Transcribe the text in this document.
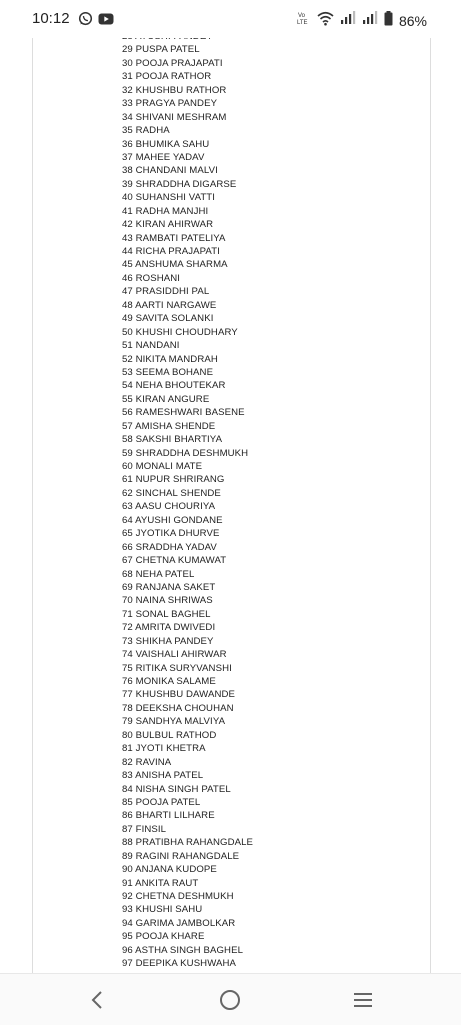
10:12	Vo
LTE	86%
29 PUSPA PATEL
30 POOJA PRAJAPATI
31 POOJA RATHOR
32 KHUSHBU RATHOR
33 PRAGYA PANDEY
34 SHIVANI MESHRAM
35 RADHA
36 BHUMIKA SAHU
37 MAHEE YADAV
38 CHANDANI MALVI
39 SHRADDHA DIGARSE
40 SUHANSHI VATTI
41 RADHA MANJHI
42 KIRAN AHIRWAR
43 RAMBATI PATELIYA
44 RICHA PRAJAPATI
45 ANSHUMA SHARMA
46 ROSHANI
47 PRASIDDHI PAL
48 AARTI NARGAWE
49 SAVITA SOLANKI
50 KHUSHI CHOUDHARY
51 NANDANI
52 NIKITA MANDRAH
53 SEEMA BOHANE
54 NEHA BHOUTEKAR
55 KIRAN ANGURE
56 RAMESHWARI BASENE
57 AMISHA SHENDE
58 SAKSHI BHARTIYA
59 SHRADDHA DESHMUKH
60 MONALI MATE
61 NUPUR SHRIRANG
62 SINCHAL SHENDE
63 AASU CHOURIYA
64 AYUSHI GONDANE
65 JYOTIKA DHURVE
66 SRADDHA YADAV
67 CHETNA KUMAWAT
68 NEHA PATEL
69 RANJANA SAKET
70 NAINA SHRIWAS
71 SONAL BAGHEL
72 AMRITA DWIVEDI
73 SHIKHA PANDEY
74 VAISHALI AHIRWAR
75 RITIKA SURYVANSHI
76 MONIKA SALAME
77 KHUSHBU DAWANDE
78 DEEKSHA CHOUHAN
79 SANDHYA MALVIYA
80 BULBUL RATHOD
81 JYOTI KHETRA
82 RAVINA
83 ANISHA PATEL
84 NISHA SINGH PATEL
85 POOJA PATEL
86 BHARTI LILHARE
87 FINSIL
88 PRATIBHA RAHANGDALE
89 RAGINI RAHANGDALE
90 ANJANA KUDOPE
91 ANKITA RAUT
92 CHETNA DESHMUKH
93 KHUSHI SAHU
94 GARIMA JAMBOLKAR
95 POOJA KHARE
96 ASTHA SINGH BAGHEL
97 DEEPIKA KUSHWAHA
